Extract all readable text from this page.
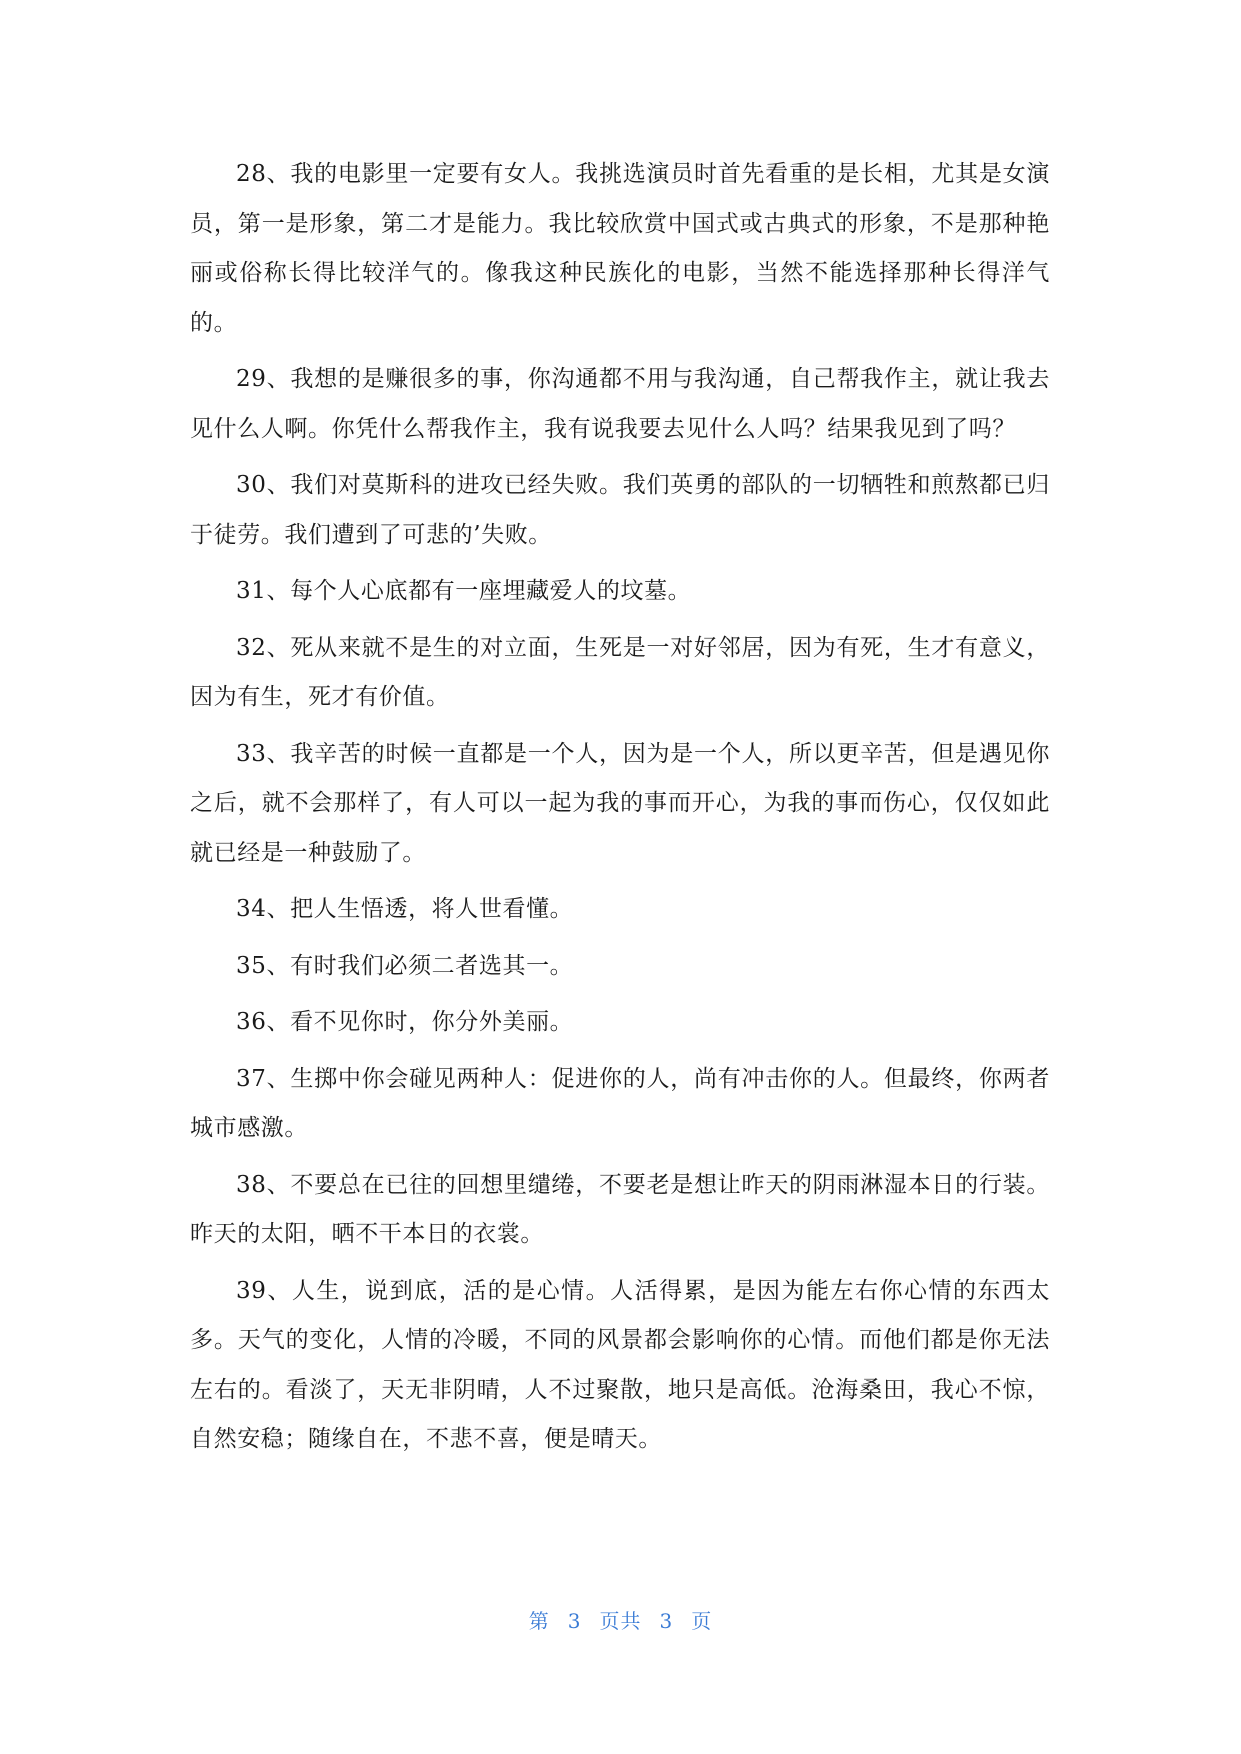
28、我的电影里一定要有女人。我挑选演员时首先看重的是长相，尤其是女演员，第一是形象，第二才是能力。我比较欣赏中国式或古典式的形象，不是那种艳丽或俗称长得比较洋气的。像我这种民族化的电影，当然不能选择那种长得洋气的。

29、我想的是赚很多的事，你沟通都不用与我沟通，自己帮我作主，就让我去见什么人啊。你凭什么帮我作主，我有说我要去见什么人吗？结果我见到了吗？

30、我们对莫斯科的进攻已经失败。我们英勇的部队的一切牺牲和煎熬都已归于徒劳。我们遭到了可悲的’失败。

31、每个人心底都有一座埋藏爱人的坟墓。

32、死从来就不是生的对立面，生死是一对好邻居，因为有死，生才有意义，因为有生，死才有价值。

33、我辛苦的时候一直都是一个人，因为是一个人，所以更辛苦，但是遇见你之后，就不会那样了，有人可以一起为我的事而开心，为我的事而伤心，仅仅如此就已经是一种鼓励了。

34、把人生悟透，将人世看懂。

35、有时我们必须二者选其一。

36、看不见你时，你分外美丽。

37、生掷中你会碰见两种人：促进你的人，尚有冲击你的人。但最终，你两者城市感激。

38、不要总在已往的回想里缱绻，不要老是想让昨天的阴雨淋湿本日的行装。昨天的太阳，晒不干本日的衣裳。

39、人生，说到底，活的是心情。人活得累，是因为能左右你心情的东西太多。天气的变化，人情的冷暖，不同的风景都会影响你的心情。而他们都是你无法左右的。看淡了，天无非阴晴，人不过聚散，地只是高低。沧海桑田，我心不惊，自然安稳；随缘自在，不悲不喜，便是晴天。

第 3 页共 3 页
